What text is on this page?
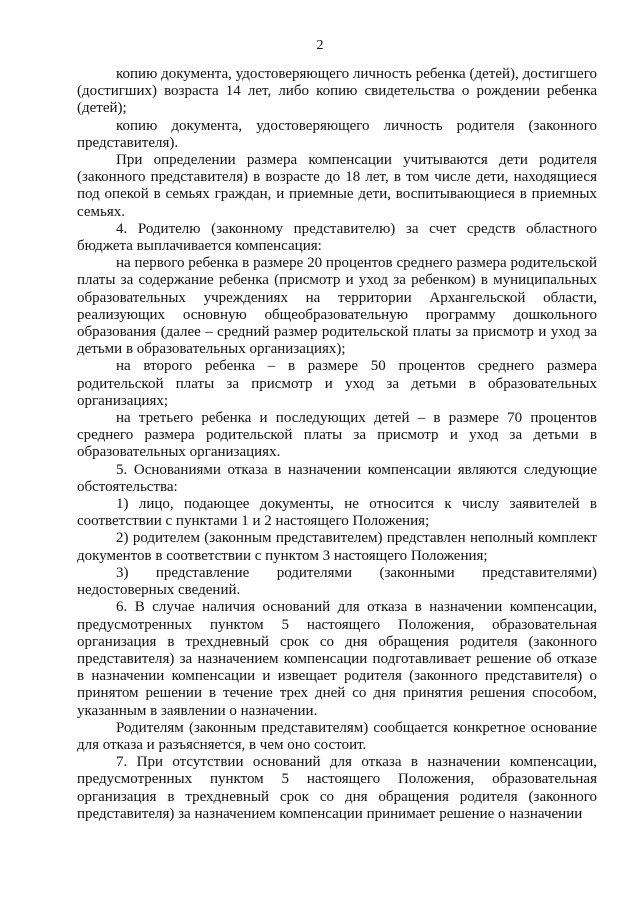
2

копию документа, удостоверяющего личность ребенка (детей), достигшего (достигших) возраста 14 лет, либо копию свидетельства о рождении ребенка (детей);

копию документа, удостоверяющего личность родителя (законного представителя).

При определении размера компенсации учитываются дети родителя (законного представителя) в возрасте до 18 лет, в том числе дети, находящиеся под опекой в семьях граждан, и приемные дети, воспитывающиеся в приемных семьях.

4. Родителю (законному представителю) за счет средств областного бюджета выплачивается компенсация:

на первого ребенка в размере 20 процентов среднего размера родительской платы за содержание ребенка (присмотр и уход за ребенком) в муниципальных образовательных учреждениях на территории Архангельской области, реализующих основную общеобразовательную программу дошкольного образования (далее – средний размер родительской платы за присмотр и уход за детьми в образовательных организациях);

на второго ребенка – в размере 50 процентов среднего размера родительской платы за присмотр и уход за детьми в образовательных организациях;

на третьего ребенка и последующих детей – в размере 70 процентов среднего размера родительской платы за присмотр и уход за детьми в образовательных организациях.

5. Основаниями отказа в назначении компенсации являются следующие обстоятельства:

1) лицо, подающее документы, не относится к числу заявителей в соответствии с пунктами 1 и 2 настоящего Положения;

2) родителем (законным представителем) представлен неполный комплект документов в соответствии с пунктом 3 настоящего Положения;

3) представление родителями (законными представителями) недостоверных сведений.

6. В случае наличия оснований для отказа в назначении компенсации, предусмотренных пунктом 5 настоящего Положения, образовательная организация в трехдневный срок со дня обращения родителя (законного представителя) за назначением компенсации подготавливает решение об отказе в назначении компенсации и извещает родителя (законного представителя) о принятом решении в течение трех дней со дня принятия решения способом, указанным в заявлении о назначении.

Родителям (законным представителям) сообщается конкретное основание для отказа и разъясняется, в чем оно состоит.

7. При отсутствии оснований для отказа в назначении компенсации, предусмотренных пунктом 5 настоящего Положения, образовательная организация в трехдневный срок со дня обращения родителя (законного представителя) за назначением компенсации принимает решение о назначении
